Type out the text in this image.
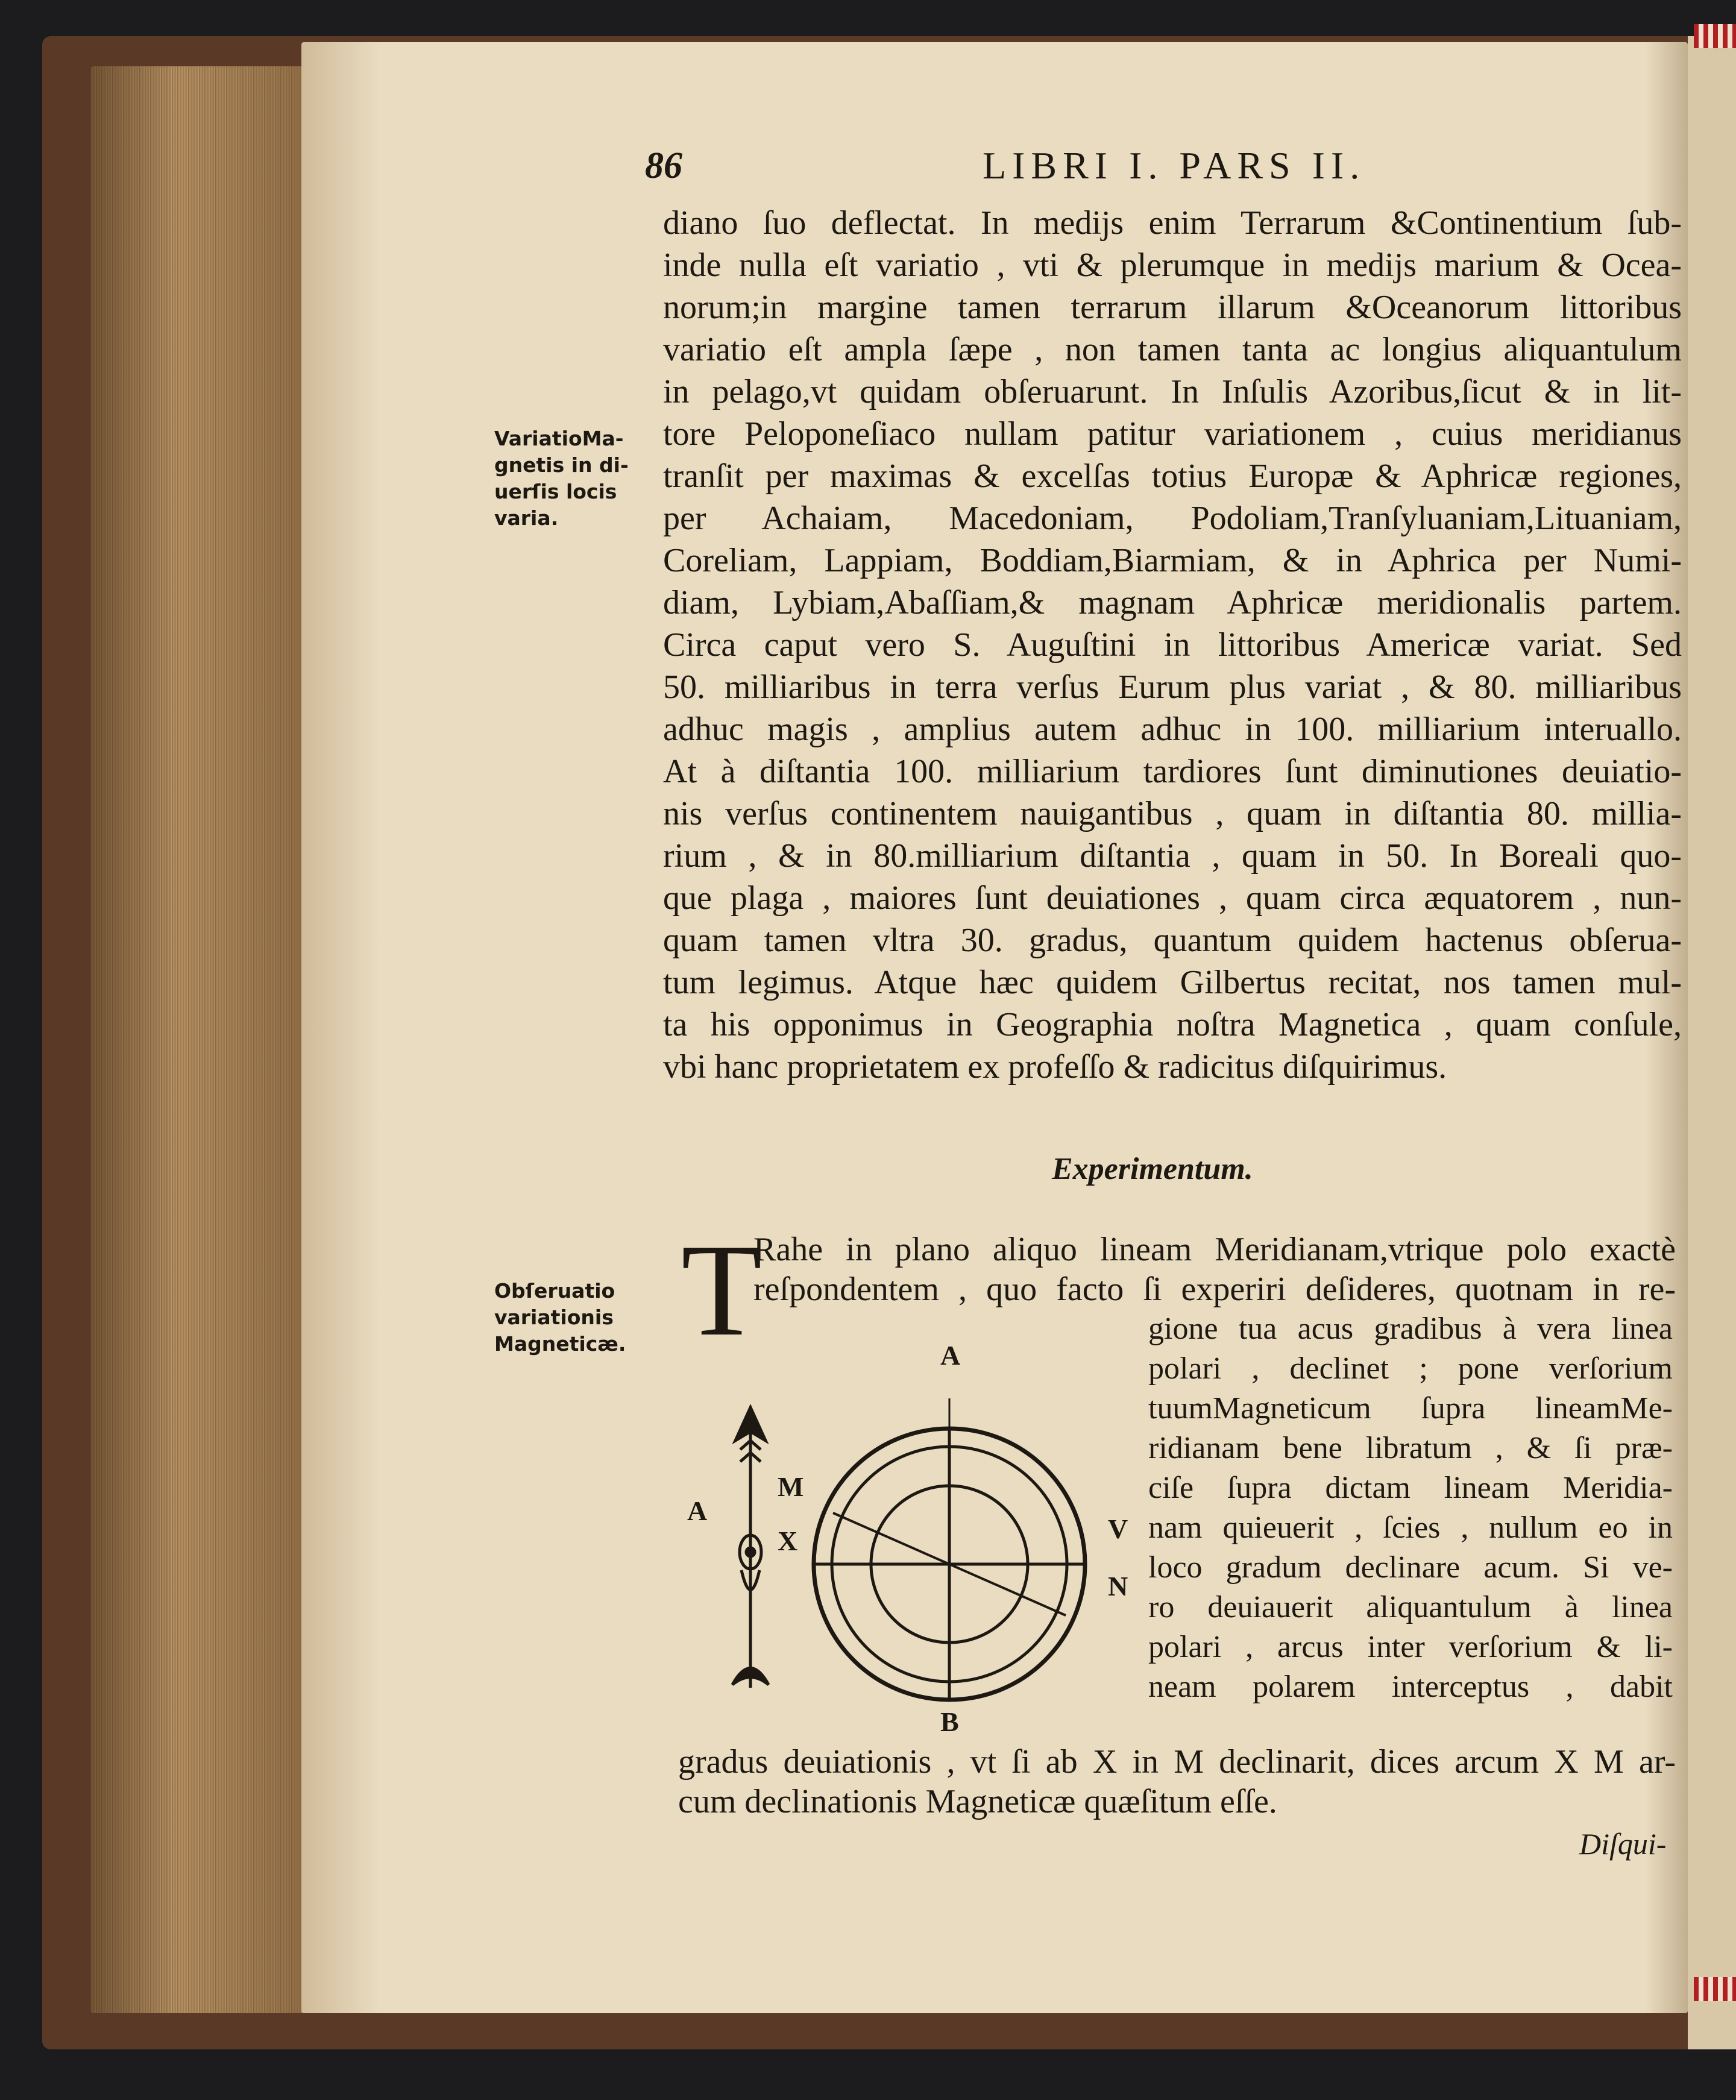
86	LIBRI I. PARS II.
VariatioMa-
gnetis in di-
uerſis locis
varia.
diano ſuo deflectat. In medijs enim Terrarum &Continentium ſub-
inde nulla eſt variatio , vti & plerumque in medijs marium & Ocea-
norum;in margine tamen terrarum illarum &Oceanorum littoribus
variatio eſt ampla ſæpe , non tamen tanta ac longius aliquantulum
in pelago,vt quidam obſeruarunt. In Inſulis Azoribus,ſicut & in lit-
tore Peloponeſiaco nullam patitur variationem , cuius meridianus
tranſit per maximas & excelſas totius Europæ & Aphricæ regiones,
per Achaiam, Macedoniam, Podoliam,Tranſyluaniam,Lituaniam,
Coreliam, Lappiam, Boddiam,Biarmiam, & in Aphrica per Numi-
diam, Lybiam,Abaſſiam,& magnam Aphricæ meridionalis partem.
Circa caput vero S. Auguſtini in littoribus Americæ variat. Sed
50. milliaribus in terra verſus Eurum plus variat , & 80. milliaribus
adhuc magis , amplius autem adhuc in 100. milliarium interuallo.
At à diſtantia 100. milliarium tardiores ſunt diminutiones deuiatio-
nis verſus continentem nauigantibus , quam in diſtantia 80. millia-
rium , & in 80.milliarium diſtantia , quam in 50. In Boreali quo-
que plaga , maiores ſunt deuiationes , quam circa æquatorem , nun-
quam tamen vltra 30. gradus, quantum quidem hactenus obſerua-
tum legimus. Atque hæc quidem Gilbertus recitat, nos tamen mul-
ta his opponimus in Geographia noſtra Magnetica , quam conſule,
vbi hanc proprietatem ex profeſſo & radicitus diſquirimus.
Experimentum.
Obſeruatio
variationis
Magneticæ. T
Rahe in plano aliquo lineam Meridianam,vtrique polo exactè
reſpondentem , quo facto ſi experiri deſideres, quotnam in re-
gione tua acus gradibus à vera linea
polari , declinet ; pone verſorium
tuumMagneticum ſupra lineamMe-
ridianam bene libratum , & ſi præ-
ciſe ſupra dictam lineam Meridia-
nam quieuerit , ſcies , nullum eo in
loco gradum declinare acum. Si ve-
ro deuiauerit aliquantulum à linea
polari , arcus inter verſorium & li-
neam polarem interceptus , dabit
A
A
M
X	V
N
B
gradus deuiationis , vt ſi ab X in M declinarit, dices arcum X M ar-
cum declinationis Magneticæ quæſitum eſſe.
Diſqui-
